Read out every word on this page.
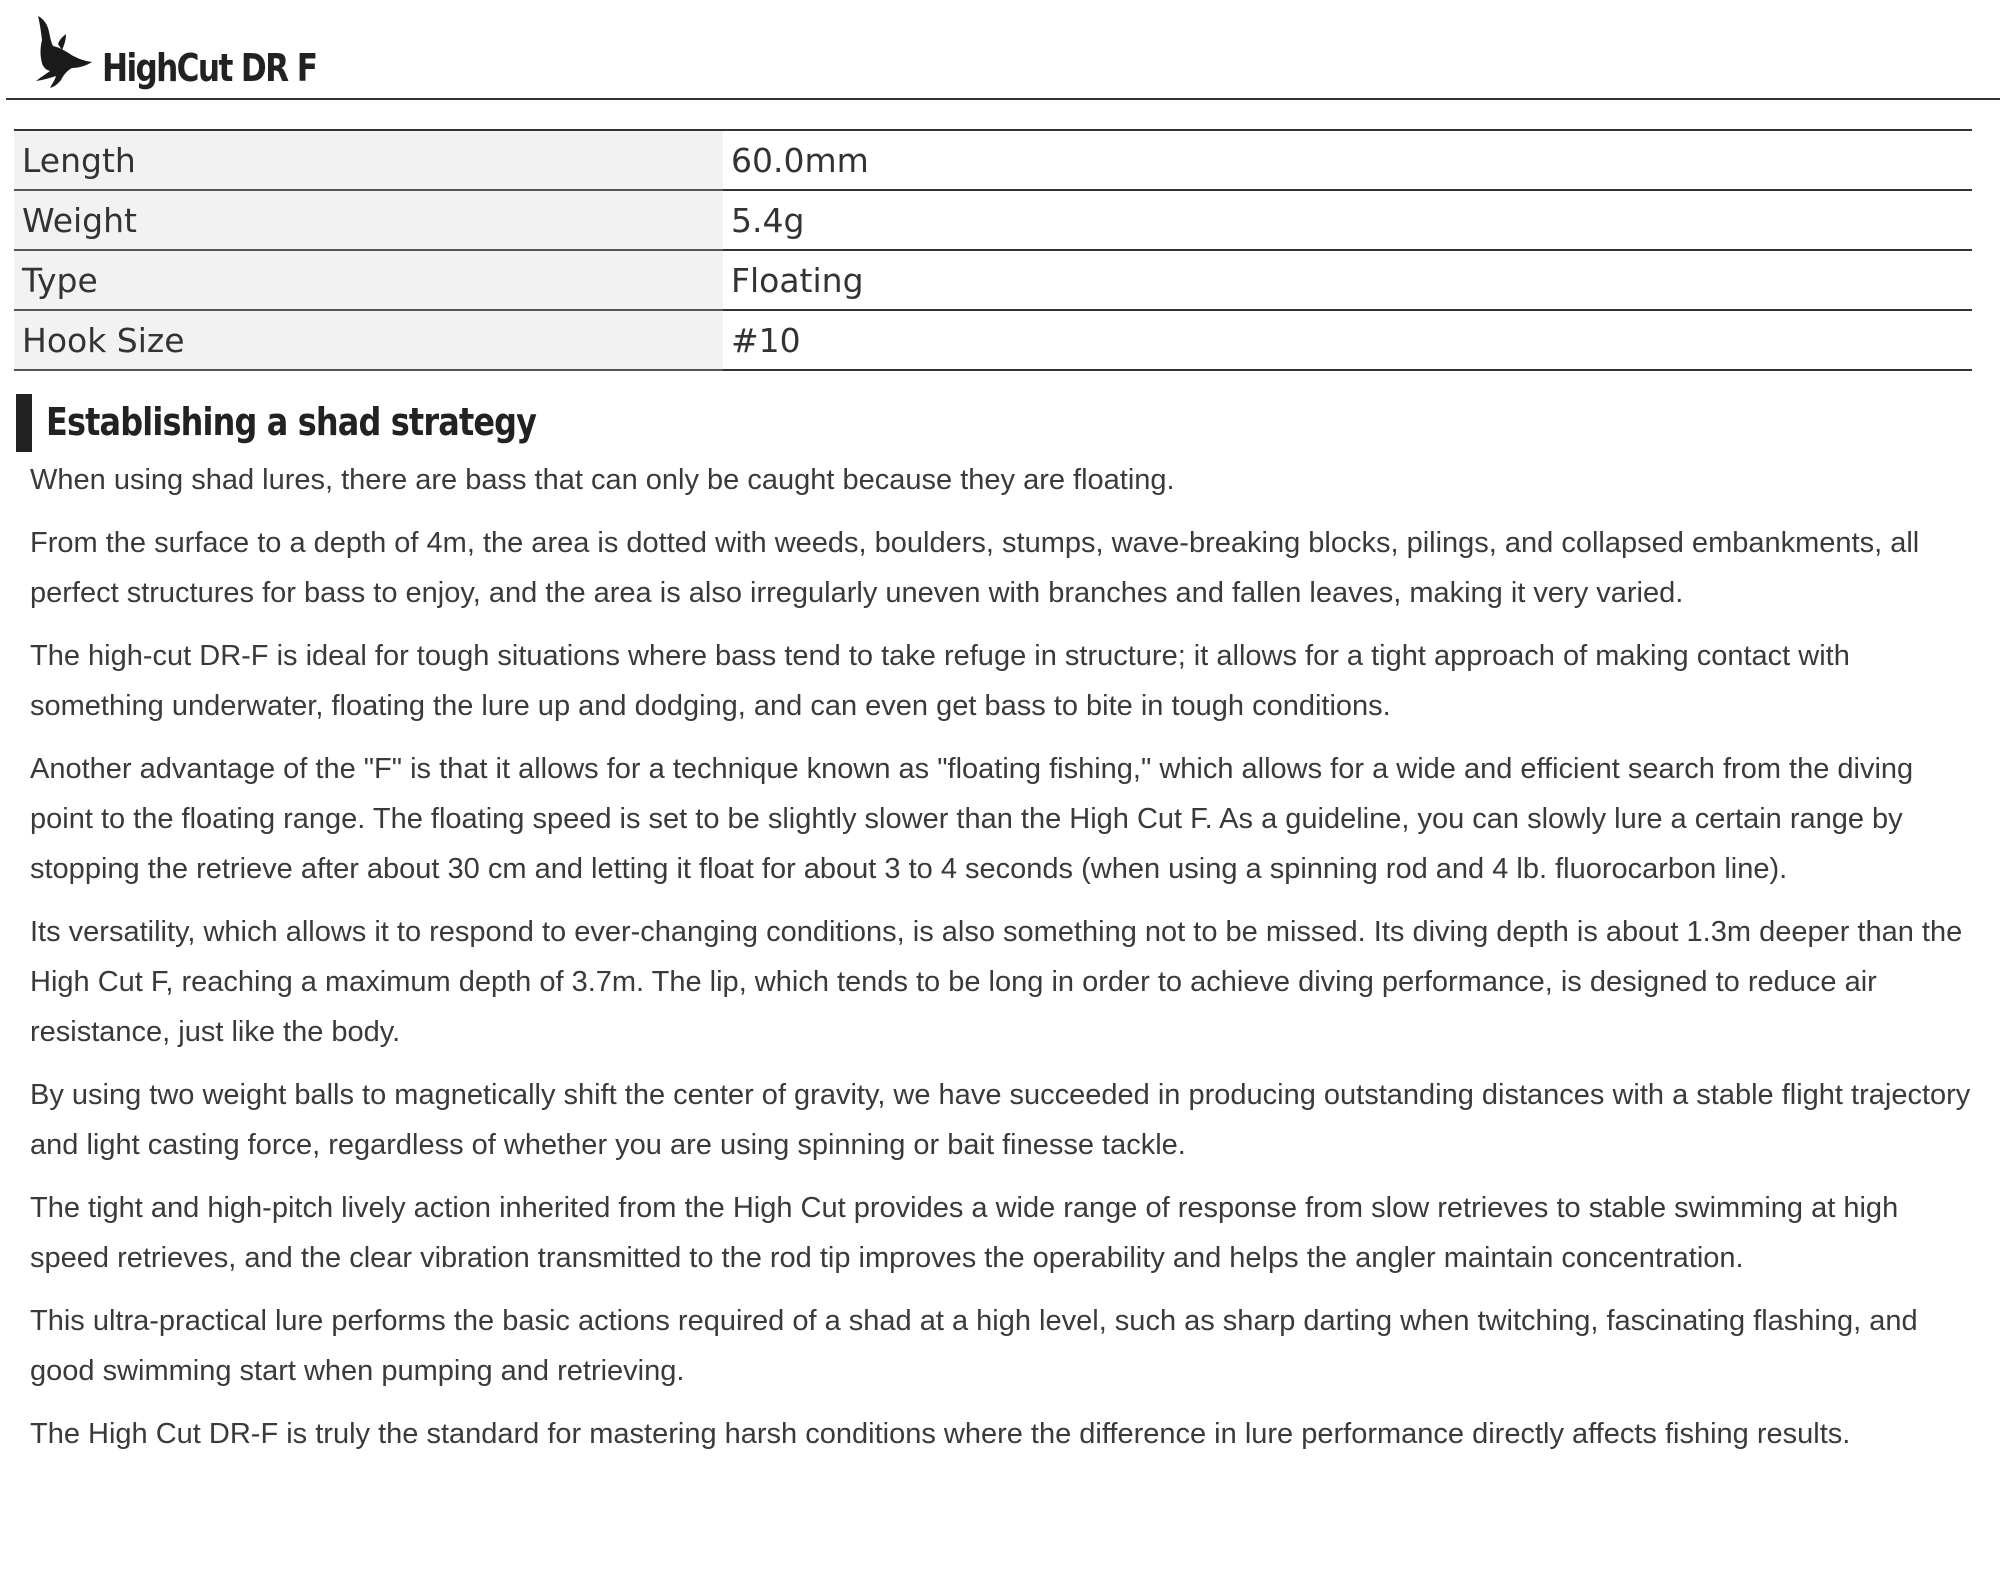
HighCut DR F
Length	60.0mm
Weight	5.4g
Type	Floating
Hook Size	#10
Establishing a shad strategy

When using shad lures, there are bass that can only be caught because they are floating.

From the surface to a depth of 4m, the area is dotted with weeds, boulders, stumps, wave-breaking blocks, pilings, and collapsed embankments, all perfect structures for bass to enjoy, and the area is also irregularly uneven with branches and fallen leaves, making it very varied.

The high-cut DR-F is ideal for tough situations where bass tend to take refuge in structure; it allows for a tight approach of making contact with something underwater, floating the lure up and dodging, and can even get bass to bite in tough conditions.

Another advantage of the "F" is that it allows for a technique known as "floating fishing," which allows for a wide and efficient search from the diving point to the floating range. The floating speed is set to be slightly slower than the High Cut F. As a guideline, you can slowly lure a certain range by stopping the retrieve after about 30 cm and letting it float for about 3 to 4 seconds (when using a spinning rod and 4 lb. fluorocarbon line).

Its versatility, which allows it to respond to ever-changing conditions, is also something not to be missed. Its diving depth is about 1.3m deeper than the High Cut F, reaching a maximum depth of 3.7m. The lip, which tends to be long in order to achieve diving performance, is designed to reduce air resistance, just like the body.

By using two weight balls to magnetically shift the center of gravity, we have succeeded in producing outstanding distances with a stable flight trajectory and light casting force, regardless of whether you are using spinning or bait finesse tackle.

The tight and high-pitch lively action inherited from the High Cut provides a wide range of response from slow retrieves to stable swimming at high speed retrieves, and the clear vibration transmitted to the rod tip improves the operability and helps the angler maintain concentration.

This ultra-practical lure performs the basic actions required of a shad at a high level, such as sharp darting when twitching, fascinating flashing, and good swimming start when pumping and retrieving.

The High Cut DR-F is truly the standard for mastering harsh conditions where the difference in lure performance directly affects fishing results.
